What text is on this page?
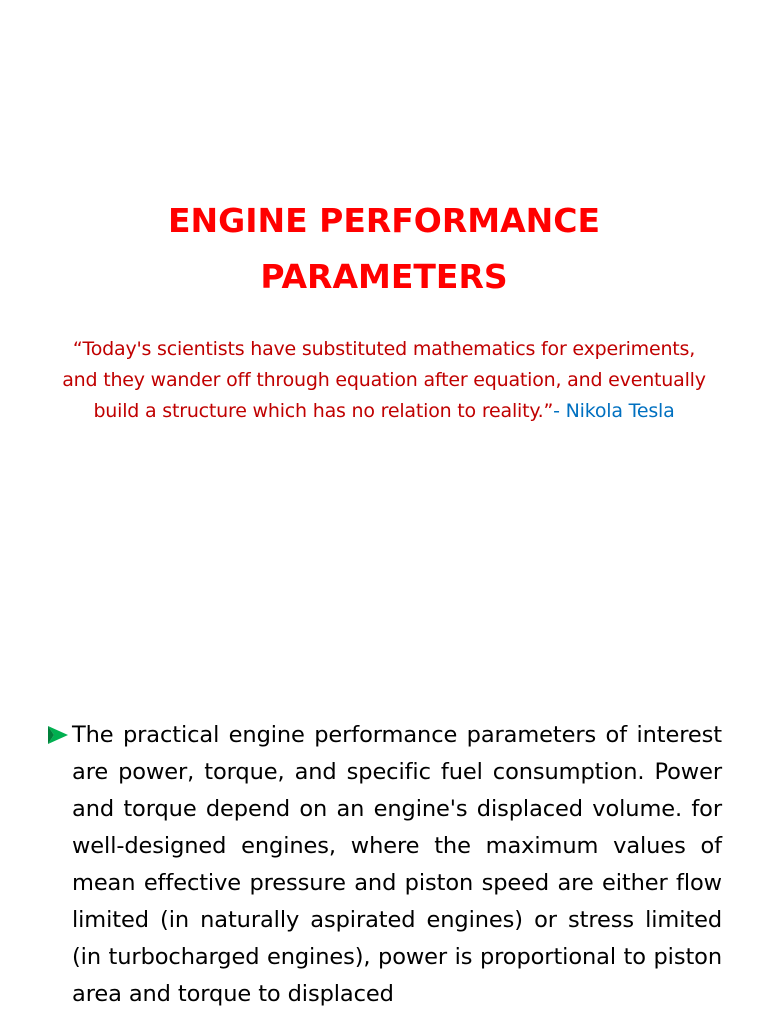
ENGINE PERFORMANCE
PARAMETERS

“Today's scientists have substituted mathematics for experiments,
and they wander off through equation after equation, and eventually
build a structure which has no relation to reality.”- Nikola Tesla

The practical engine performance parameters of interest are power, torque, and specific fuel consumption. Power and torque depend on an engine's displaced volume. for well-designed engines, where the maximum values of mean effective pressure and piston speed are either flow limited (in naturally aspirated engines) or stress limited (in turbocharged engines), power is proportional to piston area and torque to displaced
